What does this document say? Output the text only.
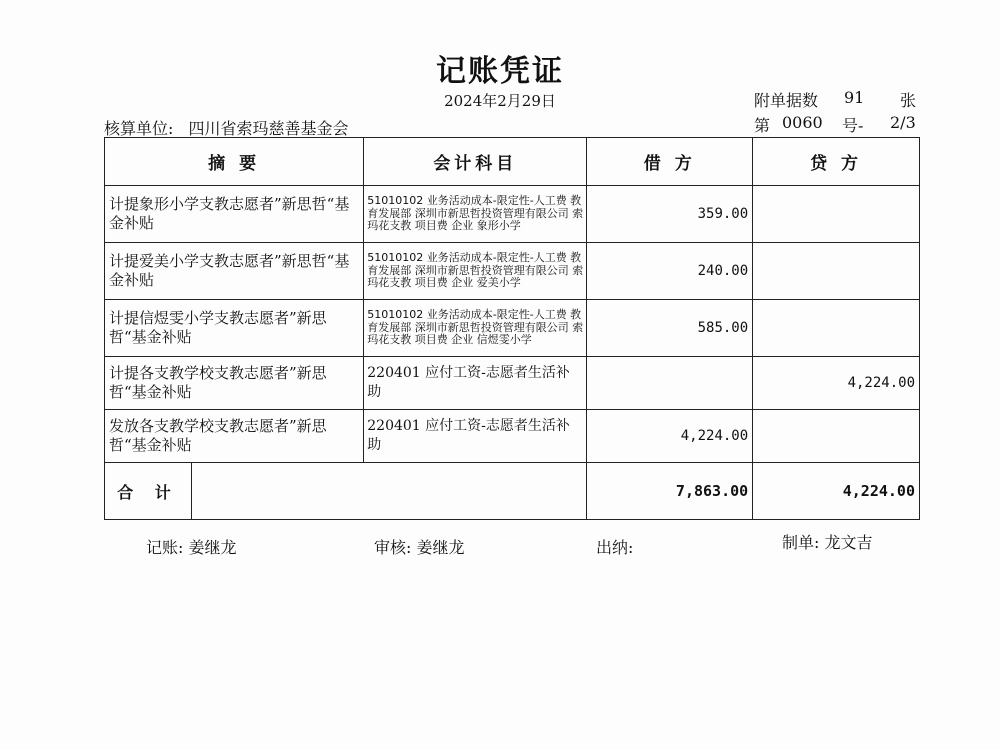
记账凭证
2024年2月29日	附单据数 91 张
核算单位: 四川省索玛慈善基金会	第 0060 号- 2/3
摘 要	会计科目	借 方	贷 方
计提象形小学支教志愿者”新思哲“基金补贴	51010102 业务活动成本-限定性-人工费 教育发展部 深圳市新思哲投资管理有限公司 索玛花支教 项目费 企业 象形小学	359.00	
计提爱美小学支教志愿者”新思哲“基金补贴	51010102 业务活动成本-限定性-人工费 教育发展部 深圳市新思哲投资管理有限公司 索玛花支教 项目费 企业 爱美小学	240.00	
计提信煜雯小学支教志愿者”新思哲“基金补贴	51010102 业务活动成本-限定性-人工费 教育发展部 深圳市新思哲投资管理有限公司 索玛花支教 项目费 企业 信煜雯小学	585.00	
计提各支教学校支教志愿者”新思哲“基金补贴	220401 应付工资-志愿者生活补助		4,224.00
发放各支教学校支教志愿者”新思哲“基金补贴	220401 应付工资-志愿者生活补助	4,224.00	

合 计		7,863.00	4,224.00
记账: 姜继龙	审核: 姜继龙	出纳:	制单: 龙文吉
